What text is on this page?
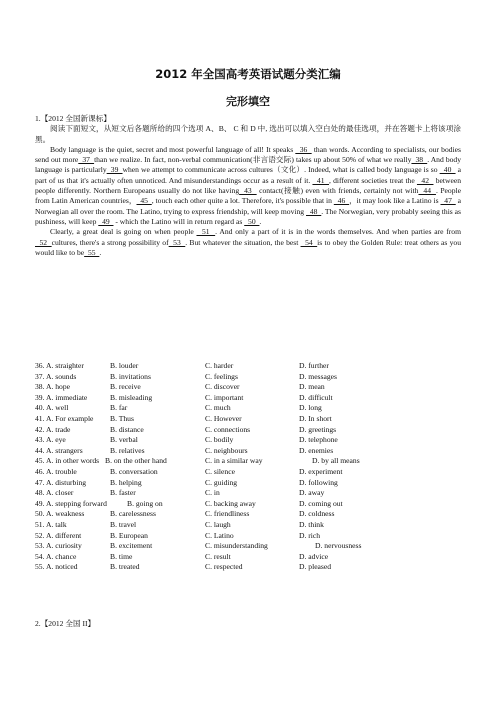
2012 年全国高考英语试题分类汇编
完形填空

1.【2012 全国新课标】

阅读下面短文，从短文后各题所给的四个选项 A、B、 C 和 D 中, 选出可以填入空白处的最佳选项，并在答题卡上将该项涂黑。

Body language is the quiet, secret and most powerful language of all! It speaks   36   than words. According to specialists, our bodies send out more  37  than we realize. In fact, non-verbal communication(非言语交际) takes up about 50% of what we really  38  . And body language is particularly  39  when we attempt to communicate across cultures（文化）. Indeed, what is called body language is so   40   a part of us that it's actually often unnoticed. And misunderstandings occur as a result of it.   41  , different societies treat the   42   between people differently. Northern Europeans usually do not like having  43   contact(接触) even with friends, certainly not with  44  . People from Latin American countries，  45  , touch each other quite a lot. Therefore, it's possible that in   46  ，it may look like a Latino is   47   a Norwegian all over the room. The Latino, trying to express friendship, will keep moving   48  . The Norwegian, very probably seeing this as pushiness, will keep   49   - which the Latino will in return regard as   50  .

Clearly, a great deal is going on when people   51  . And only a part of it is in the words themselves. And when parties are from   52  cultures, there's a strong possibility of  53  . But whatever the situation, the best   54  is to obey the Golden Rule: treat others as you would like to be  55  .

36. A. straighter	B. louder	C. harder	D. further
37. A. sounds	B. invitations	C. feelings	D. messages
38. A. hope	B. receive	C. discover	D. mean
39. A. immediate	B. misleading	C. important	D. difficult
40. A. well	B. far	C. much	D. long
41. A. For example B. Thus	C. However	D. In short
42. A. trade	B. distance	C. connections	D. greetings
43. A. eye	B. verbal	C. bodily	D. telephone
44. A. strangers	B. relatives	C. neighbours	D. enemies
45. A. in other words B. on the other hand	C. in a similar way	D. by all means
46. A. trouble	B. conversation	C. silence	D. experiment
47. A. disturbing	B. helping	C. guiding	D. following
48. A. closer	B. faster	C. in	D. away
49. A. stepping forward	B. going on	C. backing away	D. coming out
50. A. weakness	B. carelessness	C. friendliness	D. coldness
51. A. talk	B. travel	C. laugh	D. think
52. A. different	B. European	C. Latino	D. rich
53. A. curiosity	B. excitement	C. misunderstanding	D. nervousness
54. A. chance	B. time	C. result	D. advice
55. A. noticed	B. treated	C. respected	D. pleased
2.【2012 全国 II】
